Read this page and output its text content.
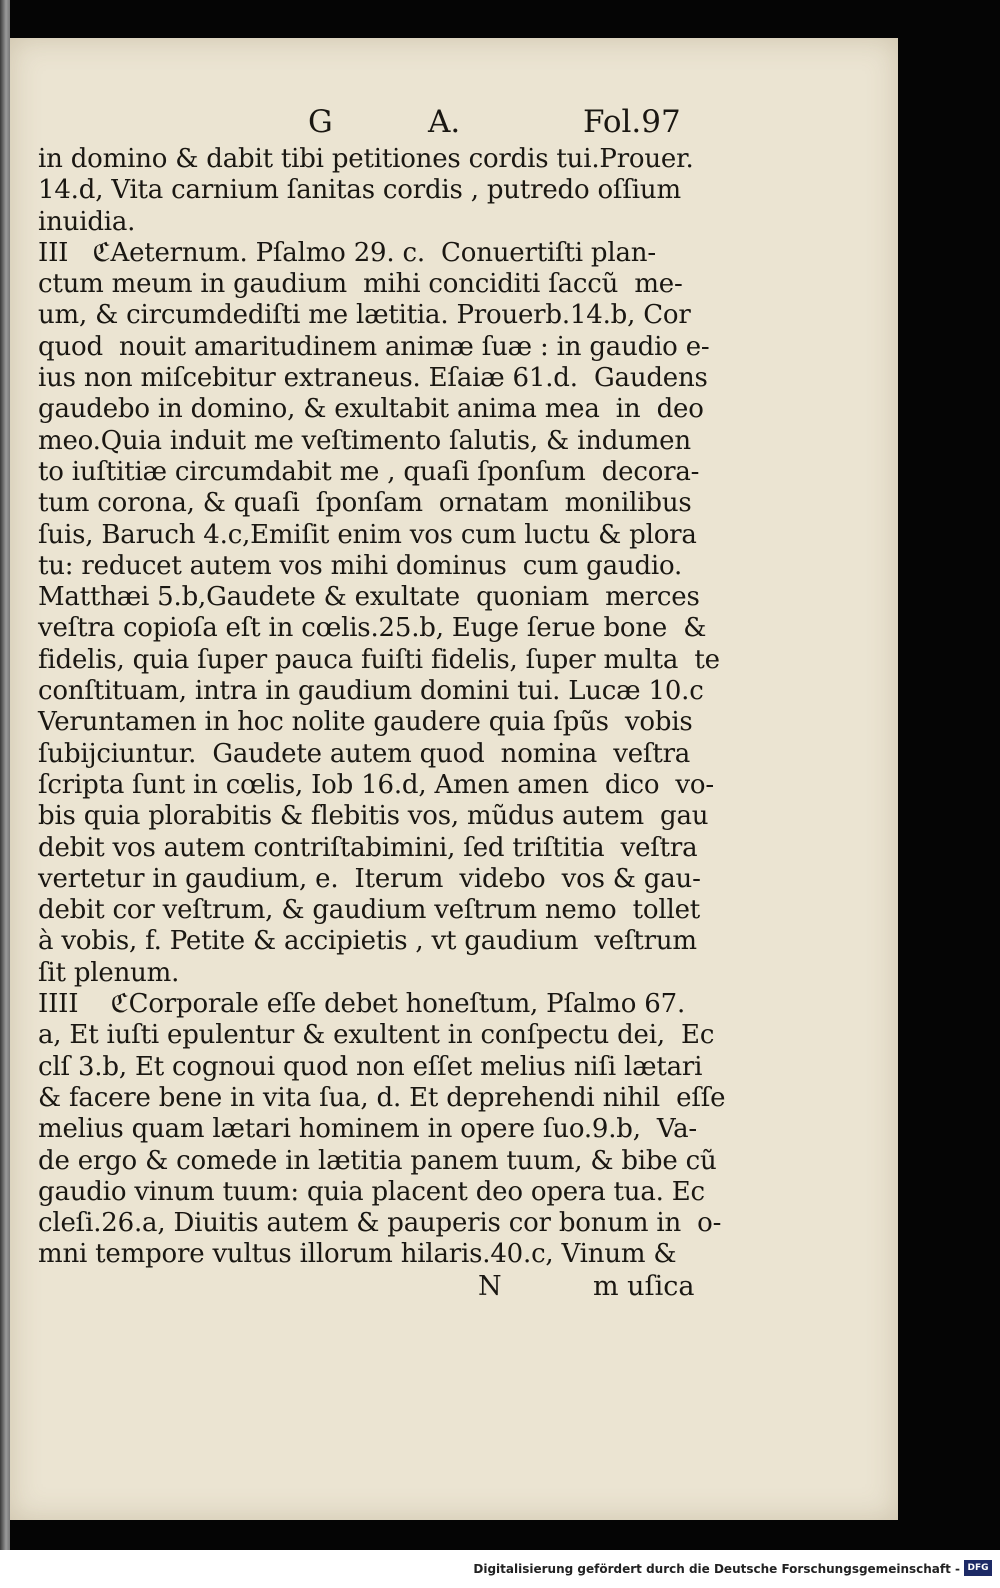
G	A.	Fol.97
in domino & dabit tibi petitiones cordis tui.Prouer.
14.d, Vita carnium ſanitas cordis , putredo oſſium
inuidia.
III   ℭAeternum. Pſalmo 29. c.  Conuertiſti plan-
ctum meum in gaudium  mihi conciditi ſaccũ  me-
um, & circumdediſti me lætitia. Prouerb.14.b, Cor
quod  nouit amaritudinem animæ ſuæ : in gaudio e-
ius non miſcebitur extraneus. Eſaiæ 61.d.  Gaudens
gaudebo in domino, & exultabit anima mea  in  deo
meo.Quia induit me veſtimento ſalutis, & indumen
to iuſtitiæ circumdabit me , quaſi ſponſum  decora-
tum corona, & quaſi  ſponſam  ornatam  monilibus
ſuis, Baruch 4.c,Emiſit enim vos cum luctu & plora
tu: reducet autem vos mihi dominus  cum gaudio.
Matthæi 5.b,Gaudete & exultate  quoniam  merces
veſtra copioſa eſt in cœlis.25.b, Euge ſerue bone  &
fidelis, quia ſuper pauca fuiſti fidelis, ſuper multa  te
conſtituam, intra in gaudium domini tui. Lucæ 10.c
Veruntamen in hoc nolite gaudere quia ſpũs  vobis
ſubijciuntur.  Gaudete autem quod  nomina  veſtra
ſcripta ſunt in cœlis, Iob 16.d, Amen amen  dico  vo-
bis quia plorabitis & flebitis vos, mũdus autem  gau
debit vos autem contriſtabimini, ſed triſtitia  veſtra
vertetur in gaudium, e.  Iterum  videbo  vos & gau-
debit cor veſtrum, & gaudium veſtrum nemo  tollet
à vobis, f. Petite & accipietis , vt gaudium  veſtrum
ſit plenum.
IIII    ℭCorporale eſſe debet honeſtum, Pſalmo 67.
a, Et iuſti epulentur & exultent in conſpectu dei,  Ec
clſ 3.b, Et cognoui quod non eſſet melius niſi lætari
& facere bene in vita ſua, d. Et deprehendi nihil  eſſe
melius quam lætari hominem in opere ſuo.9.b,  Va-
de ergo & comede in lætitia panem tuum, & bibe cũ
gaudio vinum tuum: quia placent deo opera tua. Ec
cleſi.26.a, Diuitis autem & pauperis cor bonum in  o-
mni tempore vultus illorum hilaris.40.c, Vinum &
N	m uſica
Digitalisierung gefördert durch die Deutsche Forschungsgemeinschaft - DFG
